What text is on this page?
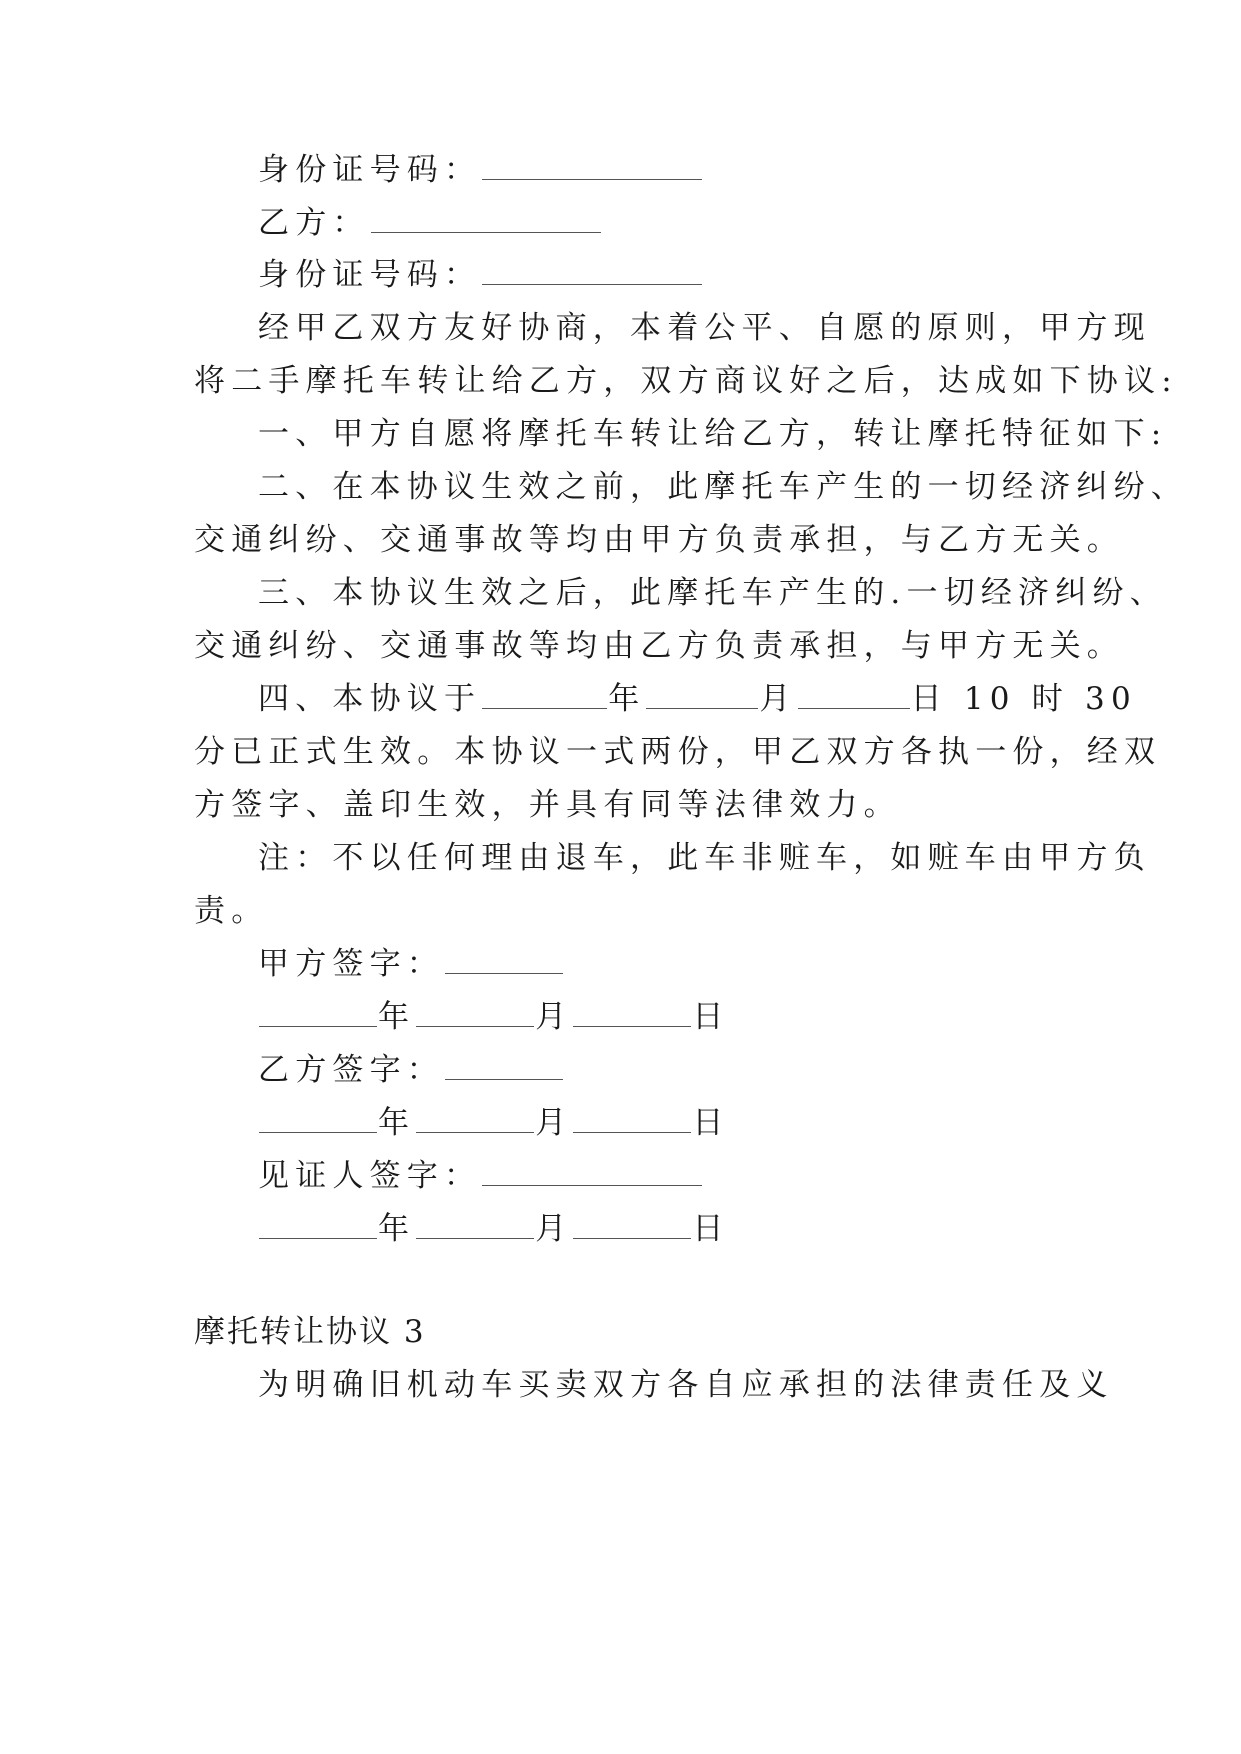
身份证号码：
乙方：
身份证号码：
经甲乙双方友好协商，本着公平、自愿的原则，甲方现
将二手摩托车转让给乙方，双方商议好之后，达成如下协议:
一、甲方自愿将摩托车转让给乙方，转让摩托特征如下:
二、在本协议生效之前，此摩托车产生的一切经济纠纷、
交通纠纷、交通事故等均由甲方负责承担，与乙方无关。
三、本协议生效之后，此摩托车产生的.一切经济纠纷、
交通纠纷、交通事故等均由乙方负责承担，与甲方无关。
四、本协议于	年	月	日 10 时 30
分已正式生效。本协议一式两份，甲乙双方各执一份，经双
方签字、盖印生效，并具有同等法律效力。
注：不以任何理由退车，此车非赃车，如赃车由甲方负
责。
甲方签字：
年	月	日
乙方签字：
年	月	日
见证人签字：
年	月	日
摩托转让协议 3
为明确旧机动车买卖双方各自应承担的法律责任及义
